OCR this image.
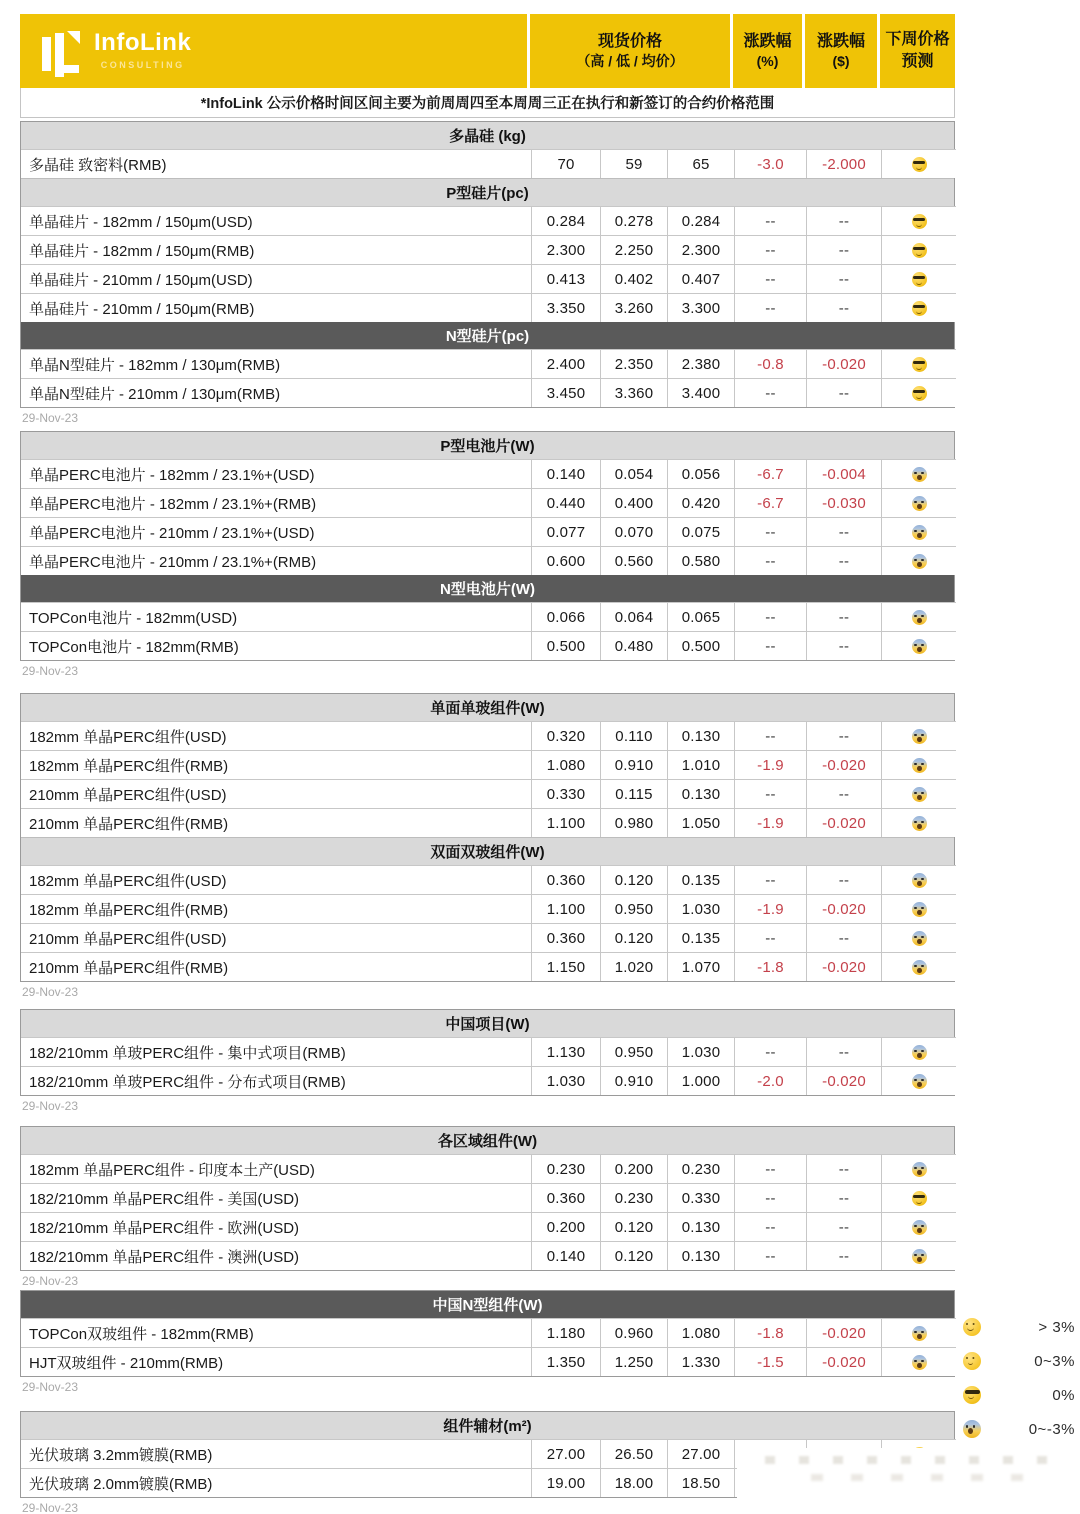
InfoLink
CONSULTING
现货价格
（高 / 低 / 均价）
涨跌幅
(%)
涨跌幅
($)
下周价格
预测
*InfoLink 公示价格时间区间主要为前周周四至本周周三正在执行和新签订的合约价格范围
多晶硅 (kg)
多晶硅 致密料(RMB)	70	59	65	-3.0	-2.000
P型硅片(pc)
单晶硅片 - 182mm / 150μm(USD)	0.284	0.278	0.284	--	--
单晶硅片 - 182mm / 150μm(RMB)	2.300	2.250	2.300	--	--
单晶硅片 - 210mm / 150μm(USD)	0.413	0.402	0.407	--	--
单晶硅片 - 210mm / 150μm(RMB)	3.350	3.260	3.300	--	--
N型硅片(pc)
单晶N型硅片 - 182mm / 130μm(RMB)	2.400	2.350	2.380	-0.8	-0.020
单晶N型硅片 - 210mm / 130μm(RMB)	3.450	3.360	3.400	--	--
29-Nov-23
P型电池片(W)
单晶PERC电池片 - 182mm / 23.1%+(USD)	0.140	0.054	0.056	-6.7	-0.004
单晶PERC电池片 - 182mm / 23.1%+(RMB)	0.440	0.400	0.420	-6.7	-0.030
单晶PERC电池片 - 210mm / 23.1%+(USD)	0.077	0.070	0.075	--	--
单晶PERC电池片 - 210mm / 23.1%+(RMB)	0.600	0.560	0.580	--	--
N型电池片(W)
TOPCon电池片 - 182mm(USD)	0.066	0.064	0.065	--	--
TOPCon电池片 - 182mm(RMB)	0.500	0.480	0.500	--	--
29-Nov-23
单面单玻组件(W)
182mm 单晶PERC组件(USD)	0.320	0.110	0.130	--	--
182mm 单晶PERC组件(RMB)	1.080	0.910	1.010	-1.9	-0.020
210mm 单晶PERC组件(USD)	0.330	0.115	0.130	--	--
210mm 单晶PERC组件(RMB)	1.100	0.980	1.050	-1.9	-0.020
双面双玻组件(W)
182mm 单晶PERC组件(USD)	0.360	0.120	0.135	--	--
182mm 单晶PERC组件(RMB)	1.100	0.950	1.030	-1.9	-0.020
210mm 单晶PERC组件(USD)	0.360	0.120	0.135	--	--
210mm 单晶PERC组件(RMB)	1.150	1.020	1.070	-1.8	-0.020
29-Nov-23
中国项目(W)
182/210mm 单玻PERC组件 - 集中式项目(RMB)	1.130	0.950	1.030	--	--
182/210mm 单玻PERC组件 - 分布式项目(RMB)	1.030	0.910	1.000	-2.0	-0.020
29-Nov-23
各区域组件(W)
182mm 单晶PERC组件 - 印度本土产(USD)	0.230	0.200	0.230	--	--
182/210mm 单晶PERC组件 - 美国(USD)	0.360	0.230	0.330	--	--
182/210mm 单晶PERC组件 - 欧洲(USD)	0.200	0.120	0.130	--	--
182/210mm 单晶PERC组件 - 澳洲(USD)	0.140	0.120	0.130	--	--
29-Nov-23
中国N型组件(W)
TOPCon双玻组件 - 182mm(RMB)	1.180	0.960	1.080	-1.8	-0.020
HJT双玻组件 - 210mm(RMB)	1.350	1.250	1.330	-1.5	-0.020
29-Nov-23
组件辅材(m²)
光伏玻璃 3.2mm镀膜(RMB)	27.00	26.50	27.00
光伏玻璃 2.0mm镀膜(RMB)	19.00	18.00	18.50
29-Nov-23
> 3%
0~3%
0%
0~-3%
